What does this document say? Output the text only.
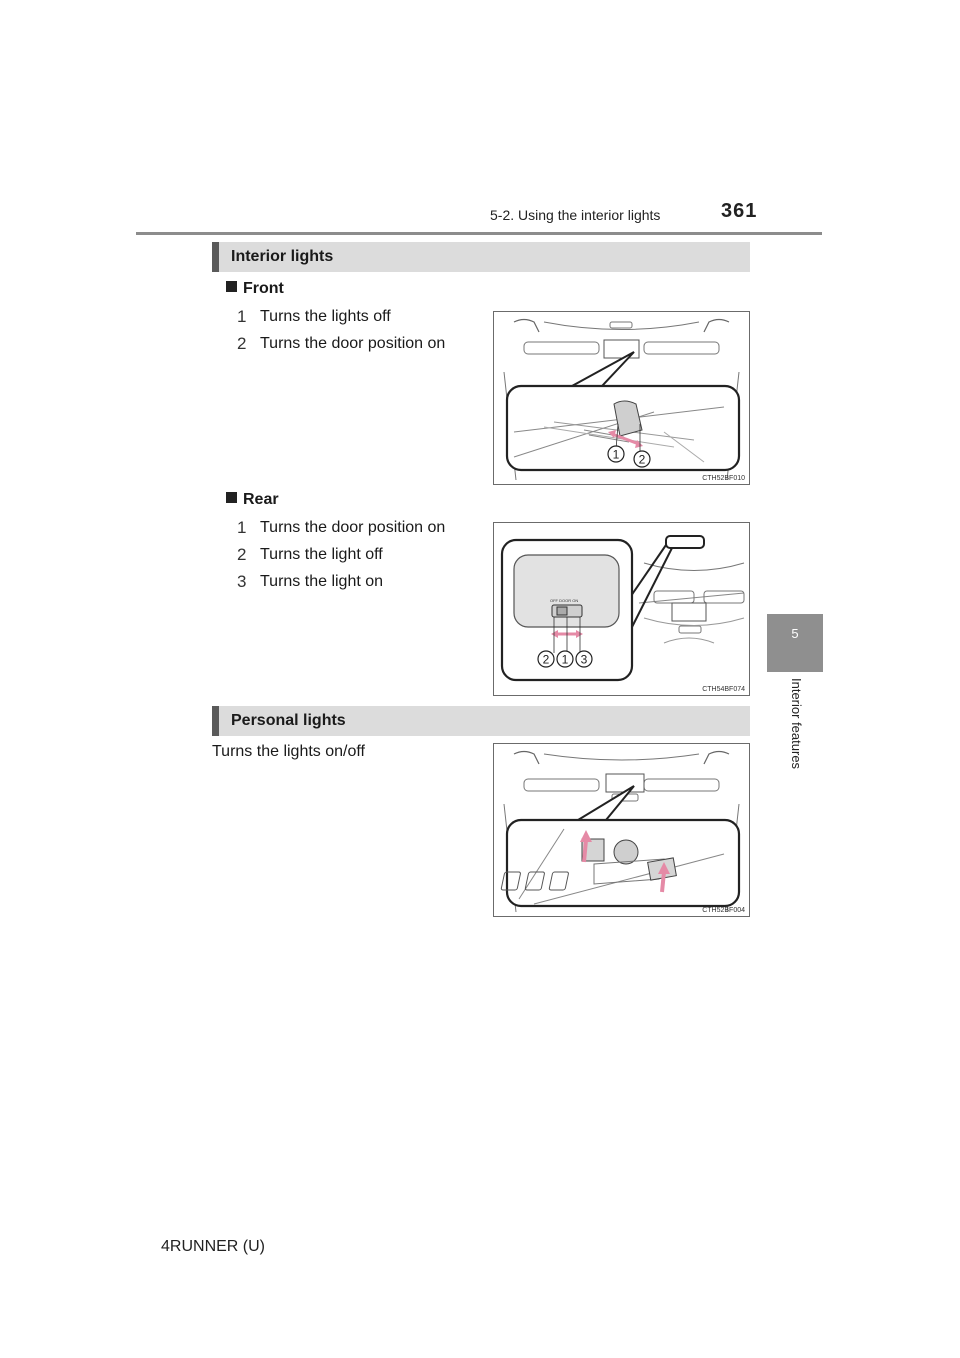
5-2. Using the interior lights	361
5
Interior features
Interior lights
Front
1 Turns the lights off
2 Turns the door position on
1 2
CTH52BF010
Rear
1 Turns the door position on
2 Turns the light off
3 Turns the light on
OFF DOOR ON
2 1 3
CTH54BF074
Personal lights
Turns the lights on/off
CTH52BF004
4RUNNER (U)
